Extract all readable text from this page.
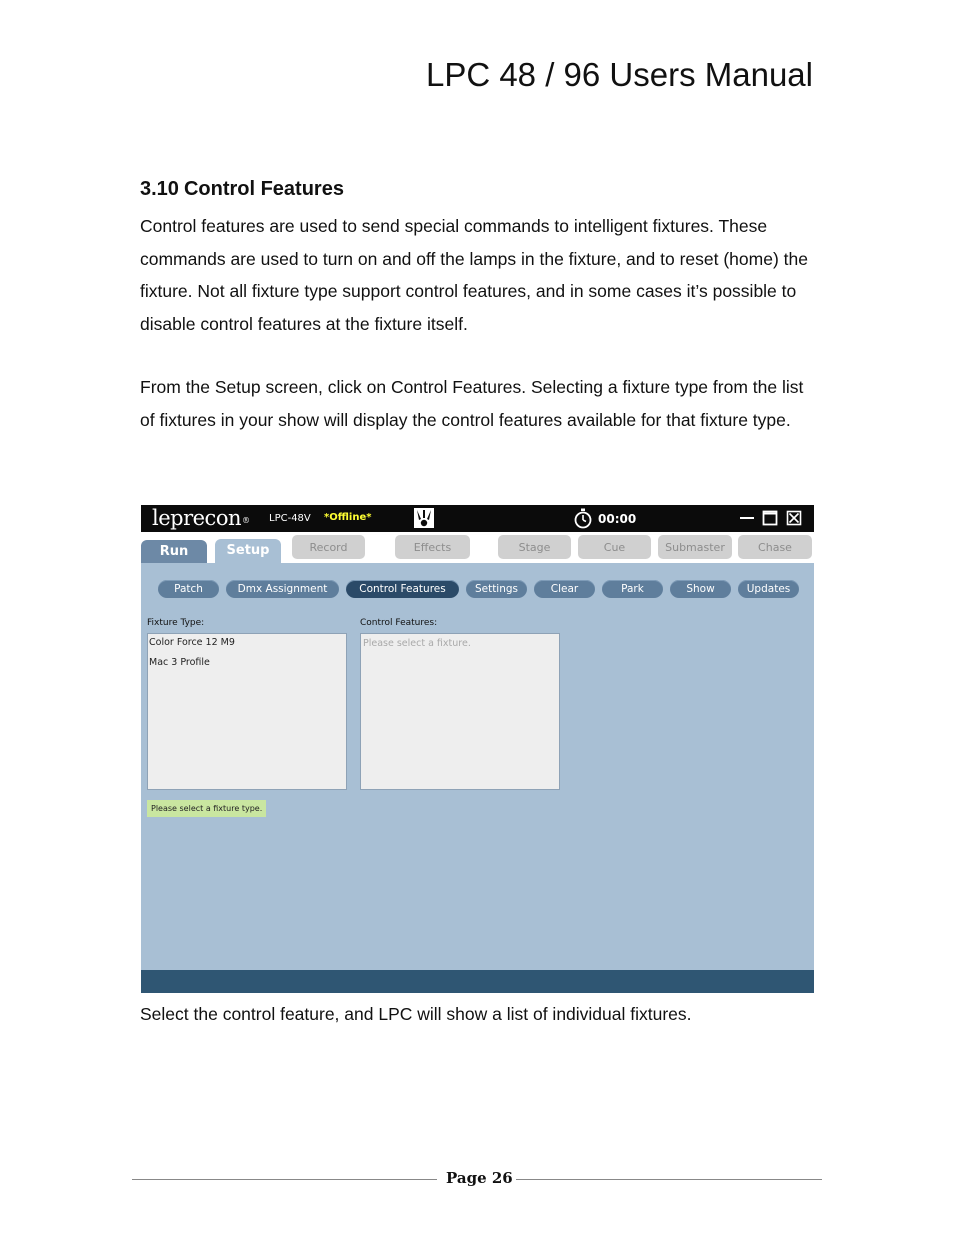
LPC 48 / 96 Users Manual
3.10 Control Features

Control features are used to send special commands to intelligent fixtures. These commands are used to turn on and off the lamps in the fixture, and to reset (home) the fixture. Not all fixture type support control features, and in some cases it’s possible to disable control features at the fixture itself.

From the Setup screen, click on Control Features. Selecting a fixture type from the list of fixtures in your show will display the control features available for that fixture type.

leprecon® LPC-48V *Offline*	00:00
Run	Setup	Record	Effects	Stage	Cue	Submaster	Chase
Patch	Dmx Assignment	Control Features	Settings	Clear	Park	Show	Updates
Fixture Type:
Color Force 12 M9
Mac 3 Profile
Control Features:
Please select a fixture.
Please select a fixture type.

Select the control feature, and LPC will show a list of individual fixtures.

Page 26
